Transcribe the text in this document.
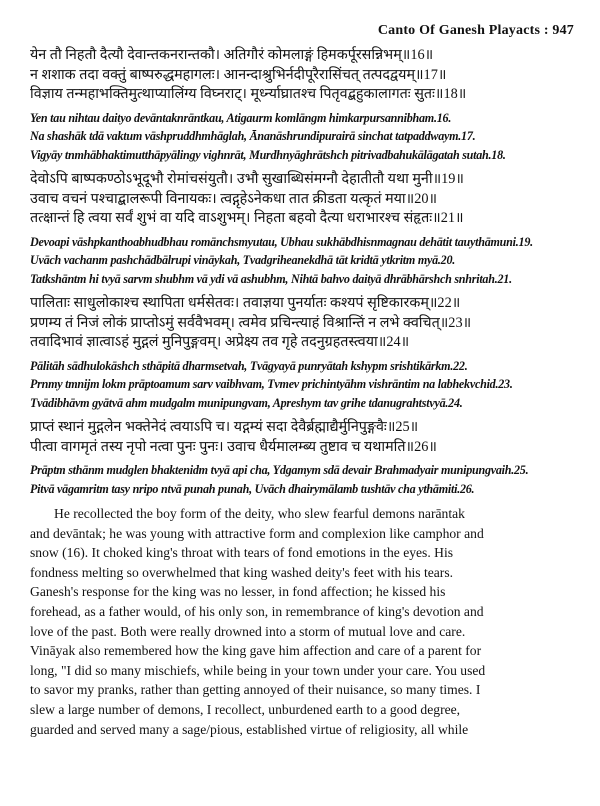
Canto Of Ganesh Playacts : 947
येन तौ निहतौ दैत्यौ देवान्तकनरान्तकौ। अतिगौरं कोमलाङ्गं हिमकर्पूरसन्निभम्॥16॥
न शशाक तदा वक्तुं बाष्परुद्धमहागलः। आनन्दाश्रुभिर्नदीपूरैरासिंचत् तत्पदद्वयम्॥17॥
विज्ञाय तन्महाभक्तिमुत्थाप्यालिंग्य विघ्नराट्। मूर्ध्न्याघ्रातश्च पितृवद्बहुकालागतः सुतः॥18॥
Yen tau nihtau daityo devāntaknrāntkau, Atigaurm komlāngm himkarpursannibham.16.
Na shashāk tdā vaktum vāshpruddhmhāglah, Ānanāshrundipurairā sinchat tatpaddwaym.17.
Vigyāy tnmhābhaktimutthāpyālingy vighnrāt, Murdhnyāghrātshch pitrivadbahukālāgatah sutah.18.
देवोऽपि बाष्पकण्ठोऽभूदूभौ रोमांचसंयुतौ। उभौ सुखाब्धिसंमग्नौ देहातीतौ यथा मुनी॥19॥
उवाच वचनं पश्चाद्बालरूपी विनायकः। त्वद्गृहेऽनेकधा तात क्रीडता यत्कृतं मया॥20॥
तत्क्षान्तं हि त्वया सर्वं शुभं वा यदि वाऽशुभम्। निहता बहवो दैत्या धराभारश्च संहृतः॥21॥
Devoapi vāshpkanthoabhudbhau romānchsmyutau, Ubhau sukhābdhisnmagnau dehātit tauythāmuni.19.
Uvāch vachanm pashchādbālrupi vināykah, Tvadgriheanekdhā tāt kridtā ytkritm myā.20.
Tatkshāntm hi tvyā sarvm shubhm vā ydi vā ashubhm, Nihtā bahvo daityā dhrābhārshch snhritah.21.
पालिताः साधुलोकाश्च स्थापिता धर्मसेतवः। तवाज्ञया पुनर्यातः कश्यपं सृष्टिकारकम्॥22॥
प्रणम्य तं निजं लोकं प्राप्तोऽमुं सर्ववैभवम्। त्वमेव प्रचिन्त्याहं विश्रान्तिं न लभे क्वचित्॥23॥
तवादिभावं ज्ञात्वाऽहं मुद्गलं मुनिपुङ्गवम्। अप्रेक्ष्य तव गृहे तदनुग्रहतस्त्वया॥24॥
Pālitāh sādhulokāshch sthāpitā dharmsetvah, Tvāgyayā punryātah kshypm srishtikārkm.22.
Prnmy tmnijm lokm prāptoamum sarv vaibhvam, Tvmev prichintyāhm vishrāntim na labhekvchid.23.
Tvādibhāvm gyātvā ahm mudgalm munipungvam, Apreshym tav grihe tdanugrahtstvyā.24.
प्राप्तं स्थानं मुद्गलेन भक्तेनेदं त्वयाऽपि च। यद्गम्यं सदा देवैर्ब्रह्माद्यैर्मुनिपुङ्गवैः॥25॥
पीत्वा वागमृतं तस्य नृपो नत्वा पुनः पुनः। उवाच धैर्यमालम्ब्य तुष्टाव च यथामति॥26॥
Prāptm sthānm mudglen bhaktenidm tvyā api cha, Ydgamym sdā devair Brahmadyair munipungvaih.25.
Pitvā vāgamritm tasy nripo ntvā punah punah, Uvāch dhairymālamb tushtāv cha ythāmiti.26.

He recollected the boy form of the deity, who slew fearful demons narāntak
and devāntak; he was young with attractive form and complexion like camphor and
snow (16). It choked king's throat with tears of fond emotions in the eyes. His
fondness melting so overwhelmed that king washed deity's feet with his tears.
Ganesh's response for the king was no lesser, in fond affection; he kissed his
forehead, as a father would, of his only son, in remembrance of king's devotion and
love of the past. Both were really drowned into a storm of mutual love and care.
Vināyak also remembered how the king gave him affection and care of a parent for
long, "I did so many mischiefs, while being in your town under your care. You used
to savor my pranks, rather than getting annoyed of their nuisance, so many times. I
slew a large number of demons, I recollect, unburdened earth to a good degree,
guarded and served many a sage/pious, established virtue of religiosity, all while
